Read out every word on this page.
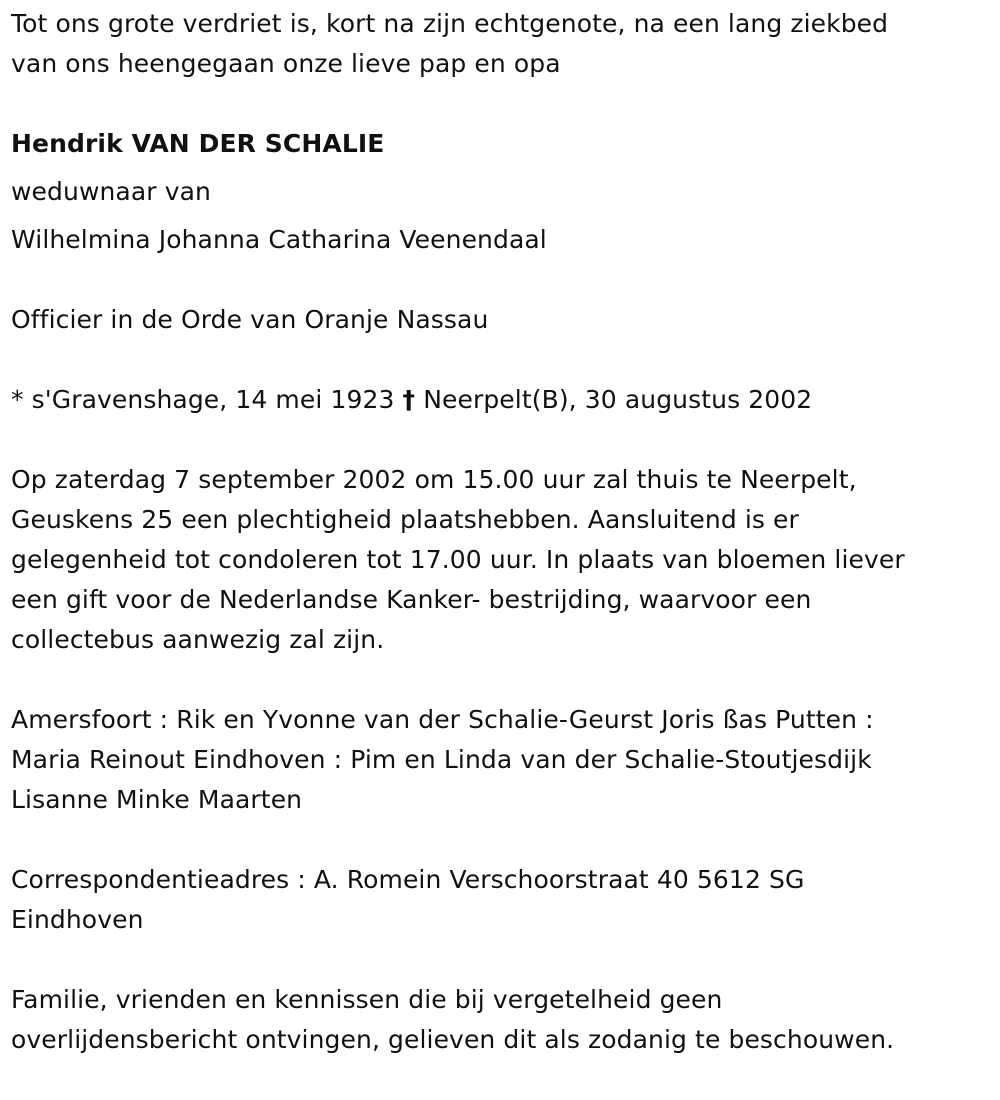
Tot ons grote verdriet is, kort na zijn echtgenote, na een lang ziekbed
van ons heengegaan onze lieve pap en opa
Hendrik VAN DER SCHALIE
weduwnaar van
Wilhelmina Johanna Catharina Veenendaal
Officier in de Orde van Oranje Nassau
* s'Gravenshage, 14 mei 1923 † Neerpelt(B), 30 augustus 2002
Op zaterdag 7 september 2002 om 15.00 uur zal thuis te Neerpelt,
Geuskens 25 een plechtigheid plaatshebben. Aansluitend is er
gelegenheid tot condoleren tot 17.00 uur. In plaats van bloemen liever
een gift voor de Nederlandse Kanker- bestrijding, waarvoor een
collectebus aanwezig zal zijn.
Amersfoort : Rik en Yvonne van der Schalie-Geurst Joris ßas Putten :
Maria Reinout Eindhoven : Pim en Linda van der Schalie-Stoutjesdijk
Lisanne Minke Maarten
Correspondentieadres : A. Romein Verschoorstraat 40 5612 SG
Eindhoven
Familie, vrienden en kennissen die bij vergetelheid geen
overlijdensbericht ontvingen, gelieven dit als zodanig te beschouwen.
